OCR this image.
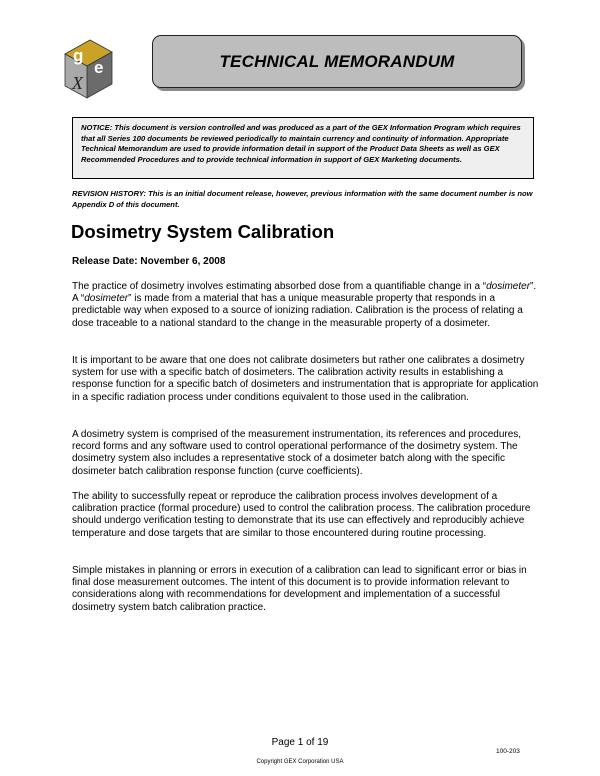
g
e
X
TECHNICAL MEMORANDUM

NOTICE: This document is version controlled and was produced as a part of the GEX Information Program which requires that all Series 100 documents be reviewed periodically to maintain currency and continuity of information. Appropriate Technical Memorandum are used to provide information detail in support of the Product Data Sheets as well as GEX Recommended Procedures and to provide technical information in support of GEX Marketing documents.

REVISION HISTORY: This is an initial document release, however, previous information with the same document number is now Appendix D of this document.

Dosimetry System Calibration

Release Date: November 6, 2008

The practice of dosimetry involves estimating absorbed dose from a quantifiable change in a “dosimeter”. A “dosimeter” is made from a material that has a unique measurable property that responds in a predictable way when exposed to a source of ionizing radiation. Calibration is the process of relating a dose traceable to a national standard to the change in the measurable property of a dosimeter.

It is important to be aware that one does not calibrate dosimeters but rather one calibrates a dosimetry system for use with a specific batch of dosimeters. The calibration activity results in establishing a response function for a specific batch of dosimeters and instrumentation that is appropriate for application in a specific radiation process under conditions equivalent to those used in the calibration.

A dosimetry system is comprised of the measurement instrumentation, its references and procedures, record forms and any software used to control operational performance of the dosimetry system. The dosimetry system also includes a representative stock of a dosimeter batch along with the specific dosimeter batch calibration response function (curve coefficients).

The ability to successfully repeat or reproduce the calibration process involves development of a calibration practice (formal procedure) used to control the calibration process. The calibration procedure should undergo verification testing to demonstrate that its use can effectively and reproducibly achieve temperature and dose targets that are similar to those encountered during routine processing.

Simple mistakes in planning or errors in execution of a calibration can lead to significant error or bias in final dose measurement outcomes. The intent of this document is to provide information relevant to considerations along with recommendations for development and implementation of a successful dosimetry system batch calibration practice.

Page 1 of 19
100-203
Copyright GEX Corporation USA
